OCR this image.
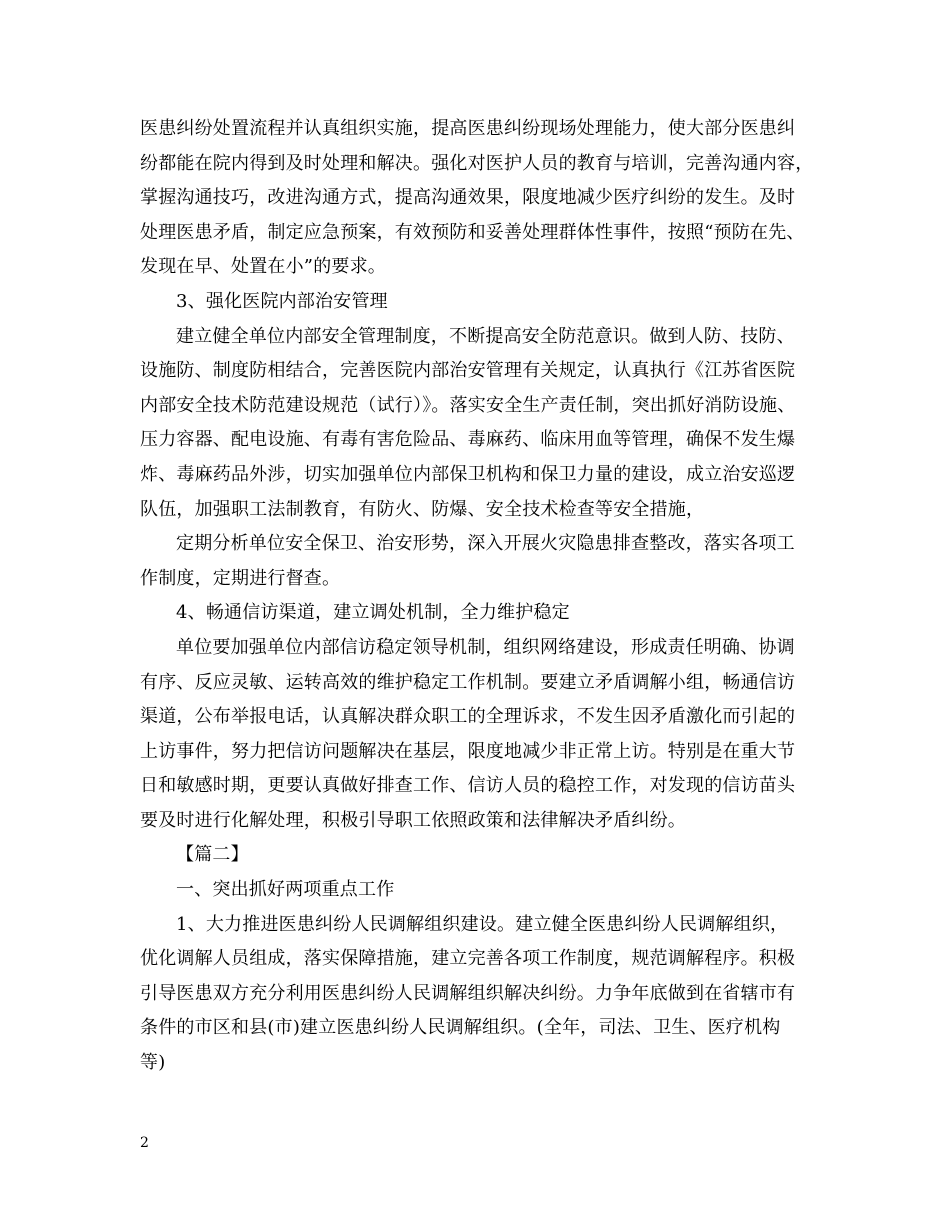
医患纠纷处置流程并认真组织实施，提高医患纠纷现场处理能力，使大部分医患纠
纷都能在院内得到及时处理和解决。强化对医护人员的教育与培训，完善沟通内容，
掌握沟通技巧，改进沟通方式，提高沟通效果，限度地减少医疗纠纷的发生。及时
处理医患矛盾，制定应急预案，有效预防和妥善处理群体性事件，按照“预防在先、
发现在早、处置在小”的要求。
3、强化医院内部治安管理
建立健全单位内部安全管理制度，不断提高安全防范意识。做到人防、技防、
设施防、制度防相结合，完善医院内部治安管理有关规定，认真执行《江苏省医院
内部安全技术防范建设规范（试行）》。落实安全生产责任制，突出抓好消防设施、
压力容器、配电设施、有毒有害危险品、毒麻药、临床用血等管理，确保不发生爆
炸、毒麻药品外涉，切实加强单位内部保卫机构和保卫力量的建设，成立治安巡逻
队伍，加强职工法制教育，有防火、防爆、安全技术检查等安全措施，
定期分析单位安全保卫、治安形势，深入开展火灾隐患排查整改，落实各项工
作制度，定期进行督查。
4、畅通信访渠道，建立调处机制，全力维护稳定
单位要加强单位内部信访稳定领导机制，组织网络建设，形成责任明确、协调
有序、反应灵敏、运转高效的维护稳定工作机制。要建立矛盾调解小组，畅通信访
渠道，公布举报电话，认真解决群众职工的全理诉求，不发生因矛盾激化而引起的
上访事件，努力把信访问题解决在基层，限度地减少非正常上访。特别是在重大节
日和敏感时期，更要认真做好排查工作、信访人员的稳控工作，对发现的信访苗头
要及时进行化解处理，积极引导职工依照政策和法律解决矛盾纠纷。
【篇二】
一、突出抓好两项重点工作
1、大力推进医患纠纷人民调解组织建设。建立健全医患纠纷人民调解组织，
优化调解人员组成，落实保障措施，建立完善各项工作制度，规范调解程序。积极
引导医患双方充分利用医患纠纷人民调解组织解决纠纷。力争年底做到在省辖市有
条件的市区和县(市)建立医患纠纷人民调解组织。(全年，司法、卫生、医疗机构
等)
2
